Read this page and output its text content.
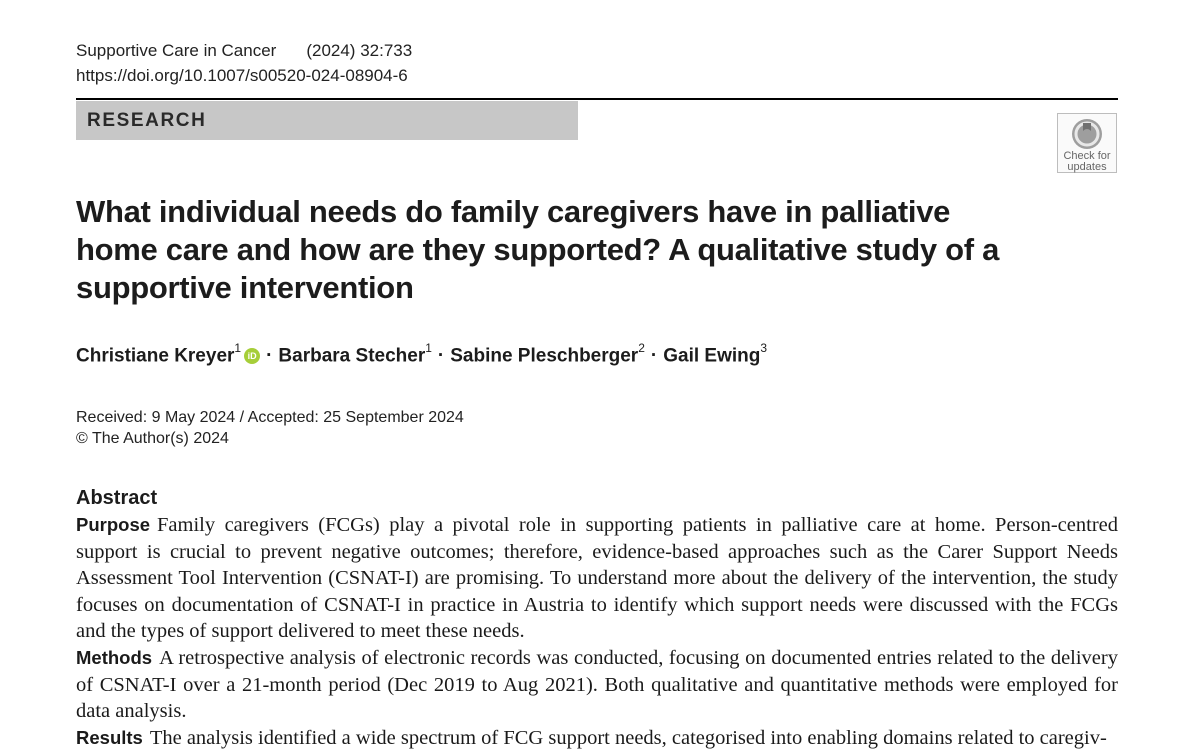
Supportive Care in Cancer (2024) 32:733
https://doi.org/10.1007/s00520-024-08904-6
RESEARCH
Check for
updates
What individual needs do family caregivers have in palliative home care and how are they supported? A qualitative study of a supportive intervention
Christiane Kreyer$^1$iD · Barbara Stecher$^1$ · Sabine Pleschberger$^2$ · Gail Ewing$^3$
Received: 9 May 2024 / Accepted: 25 September 2024
© The Author(s) 2024
Abstract

Purpose Family caregivers (FCGs) play a pivotal role in supporting patients in palliative care at home. Person-centred support is crucial to prevent negative outcomes; therefore, evidence-based approaches such as the Carer Support Needs Assessment Tool Intervention (CSNAT-I) are promising. To understand more about the delivery of the intervention, the study focuses on documentation of CSNAT-I in practice in Austria to identify which support needs were discussed with the FCGs and the types of support delivered to meet these needs.

Methods A retrospective analysis of electronic records was conducted, focusing on documented entries related to the delivery of CSNAT-I over a 21-month period (Dec 2019 to Aug 2021). Both qualitative and quantitative methods were employed for data analysis.

Results The analysis identified a wide spectrum of FCG support needs, categorised into enabling domains related to caregiv-
